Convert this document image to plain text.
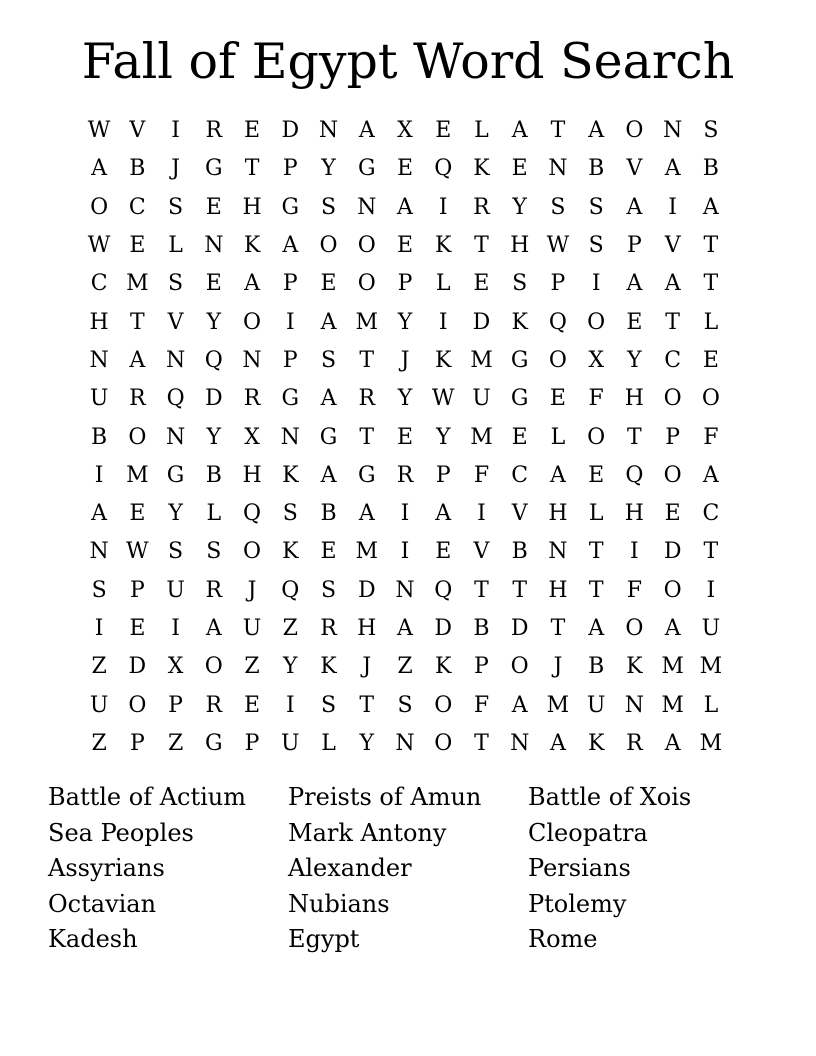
Fall of Egypt Word Search
W V	I	R E D N A	X	E	L	A	T	A O N S
A	B	J	G	T	P	Y	G E Q K E N B	V	A	B
O C	S	E H G S N A	I	R	Y	S	S	A	I	A
W E	L N K	A O O E K	T H W S	P	V	T
C M S	E	A	P	E O P	L	E	S	P	I	A	A	T
H T	V	Y O	I	A M Y	I	D K Q O E	T	L
N A N Q N P	S	T	J	K M G O X	Y	C E
U R Q D R G A	R	Y W U G E	F H O O
B O N Y	X N G	T	E	Y M E	L O T	P	F
I	M G B H K	A G R	P	F	C A	E Q O A
A	E	Y	L Q S	B	A	I	A	I	V H L H E C
N W S	S O K E M	I	E	V	B N T	I	D	T
S	P U R	J	Q S D N Q T	T H T	F O	I
I	E	I	A U Z	R H A D B D	T	A O A U
Z D X O Z	Y	K	J	Z	K	P O	J	B K M M
U O P	R E	I	S	T	S O F	A M U N M L
Z	P	Z G	P U L	Y N O T N A	K R	A M
Battle of Actium
Sea Peoples
Assyrians
Octavian
Kadesh
Preists of Amun
Mark Antony
Alexander
Nubians
Egypt
Battle of Xois
Cleopatra
Persians
Ptolemy
Rome
